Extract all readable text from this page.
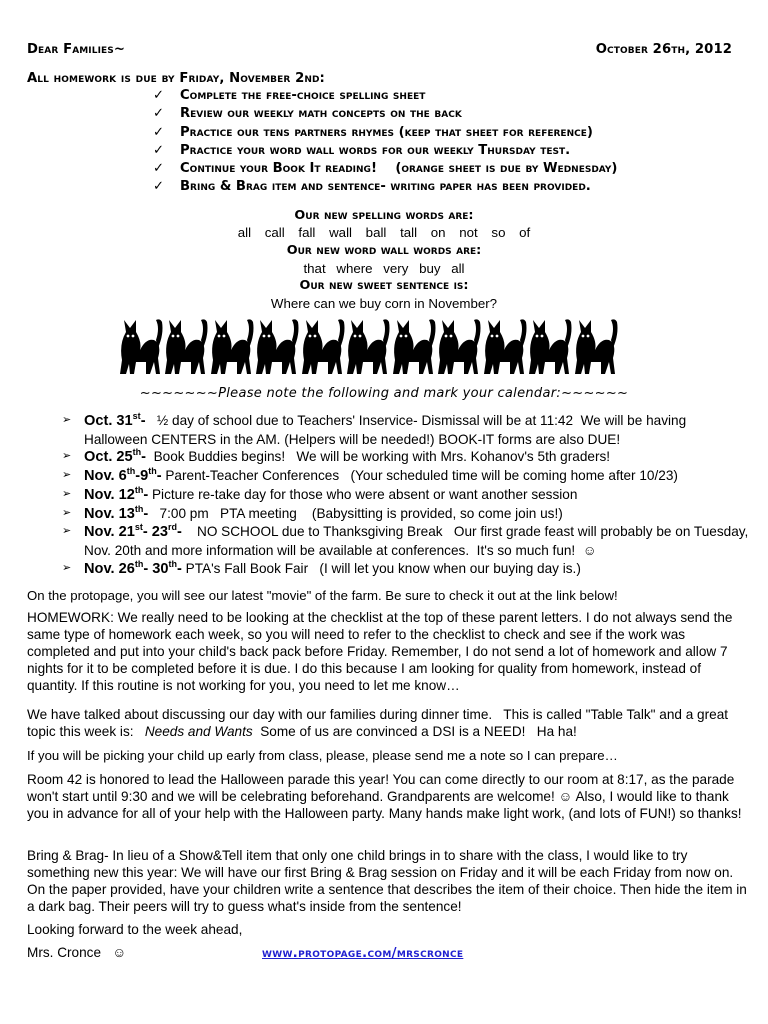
Dear Families~	October 26th, 2012
All homework is due by Friday, November 2nd:
✓ Complete the free-choice spelling sheet
✓ Review our weekly math concepts on the back
✓ Practice our tens partners rhymes (keep that sheet for reference)
✓ Practice your word wall words for our weekly Thursday test.
✓ Continue your Book It reading!    (orange sheet is due by Wednesday)
✓ Bring & Brag item and sentence- writing paper has been provided.
Our new spelling words are:
all call fall wall ball tall on not so of
Our new word wall words are:
that where very buy all
Our new sweet sentence is:
Where can we buy corn in November?
~~~~~~~Please note the following and mark your calendar:~~~~~~
➢ Oct. 31st-   ½ day of school due to Teachers' Inservice- Dismissal will be at 11:42  We will be having Halloween CENTERS in the AM. (Helpers will be needed!) BOOK-IT forms are also DUE!
➢ Oct. 25th-  Book Buddies begins!   We will be working with Mrs. Kohanov's 5th graders!
➢ Nov. 6th-9th- Parent-Teacher Conferences   (Your scheduled time will be coming home after 10/23)
➢ Nov. 12th- Picture re-take day for those who were absent or want another session
➢ Nov. 13th-   7:00 pm   PTA meeting    (Babysitting is provided, so come join us!)
➢ Nov. 21st- 23rd-    NO SCHOOL due to Thanksgiving Break   Our first grade feast will probably be on Tuesday, Nov. 20th and more information will be available at conferences.  It's so much fun!  ☺
➢ Nov. 26th- 30th- PTA's Fall Book Fair   (I will let you know when our buying day is.)
On the protopage, you will see our latest "movie" of the farm. Be sure to check it out at the link below!
HOMEWORK: We really need to be looking at the checklist at the top of these parent letters. I do not always send the same type of homework each week, so you will need to refer to the checklist to check and see if the work was completed and put into your child's back pack before Friday. Remember, I do not send a lot of homework and allow 7 nights for it to be completed before it is due. I do this because I am looking for quality from homework, instead of quantity. If this routine is not working for you, you need to let me know…
We have talked about discussing our day with our families during dinner time.   This is called "Table Talk" and a great topic this week is:   Needs and Wants  Some of us are convinced a DSI is a NEED!   Ha ha!
If you will be picking your child up early from class, please, please send me a note so I can prepare…
Room 42 is honored to lead the Halloween parade this year! You can come directly to our room at 8:17, as the parade won't start until 9:30 and we will be celebrating beforehand. Grandparents are welcome! ☺ Also, I would like to thank you in advance for all of your help with the Halloween party. Many hands make light work, (and lots of FUN!) so thanks!
Bring & Brag- In lieu of a Show&Tell item that only one child brings in to share with the class, I would like to try something new this year: We will have our first Bring & Brag session on Friday and it will be each Friday from now on. On the paper provided, have your children write a sentence that describes the item of their choice. Then hide the item in a dark bag. Their peers will try to guess what's inside from the sentence!
Looking forward to the week ahead,
Mrs. Cronce   ☺	www.protopage.com/mrscronce
